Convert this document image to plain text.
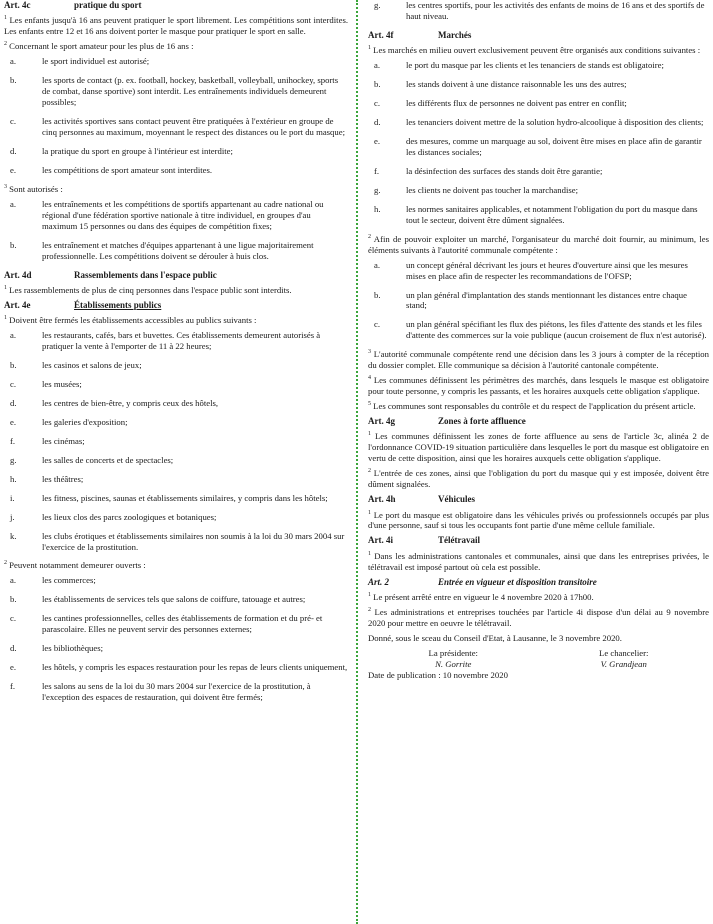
Art. 4c	pratique du sport

$^1$ Les enfants jusqu'à 16 ans peuvent pratiquer le sport librement. Les compétitions sont interdites. Les enfants entre 12 et 16 ans doivent porter le masque pour pratiquer le sport en salle.

$^2$ Concernant le sport amateur pour les plus de 16 ans :

a.	le sport individuel est autorisé;
b.	les sports de contact (p. ex. football, hockey, basketball, volleyball, unihockey, sports de combat, danse sportive) sont interdit. Les entraînements individuels demeurent possibles;
c.	les activités sportives sans contact peuvent être pratiquées à l'extérieur en groupe de cinq personnes au maximum, moyennant le respect des distances ou le port du masque;
d.	la pratique du sport en groupe à l'intérieur est interdite;
e.	les compétitions de sport amateur sont interdites.

$^3$ Sont autorisés :

a.	les entraînements et les compétitions de sportifs appartenant au cadre national ou régional d'une fédération sportive nationale à titre individuel, en groupes d'au maximum 15 personnes ou dans des équipes de compétition fixes;
b.	les entraînement et matches d'équipes appartenant à une ligue majoritairement professionnelle. Les compétitions doivent se dérouler à huis clos.
Art. 4d	Rassemblements dans l'espace public

$^1$ Les rassemblements de plus de cinq personnes dans l'espace public sont interdits.

Art. 4e	Établissements publics

$^1$ Doivent être fermés les établissements accessibles au publics suivants :

a.	les restaurants, cafés, bars et buvettes. Ces établissements demeurent autorisés à pratiquer la vente à l'emporter de 11 à 22 heures;
b.	les casinos et salons de jeux;
c.	les musées;
d.	les centres de bien-être, y compris ceux des hôtels,
e.	les galeries d'exposition;
f.	les cinémas;
g.	les salles de concerts et de spectacles;
h.	les théâtres;
i.	les fitness, piscines, saunas et établissements similaires, y compris dans les hôtels;
j.	les lieux clos des parcs zoologiques et botaniques;
k.	les clubs érotiques et établissements similaires non soumis à la loi du 30 mars 2004 sur l'exercice de la prostitution.

$^2$ Peuvent notamment demeurer ouverts :

a.	les commerces;
b.	les établissements de services tels que salons de coiffure, tatouage et autres;
c.	les cantines professionnelles, celles des établissements de formation et du pré- et parascolaire. Elles ne peuvent servir des personnes externes;
d.	les bibliothèques;
e.	les hôtels, y compris les espaces restauration pour les repas de leurs clients uniquement,
f.	les salons au sens de la loi du 30 mars 2004 sur l'exercice de la prostitution, à l'exception des espaces de restauration, qui doivent être fermés;
g.	les centres sportifs, pour les activités des enfants de moins de 16 ans et des sportifs de haut niveau.
Art. 4f	Marchés

$^1$ Les marchés en milieu ouvert exclusivement peuvent être organisés aux conditions suivantes :

a.	le port du masque par les clients et les tenanciers de stands est obligatoire;
b.	les stands doivent à une distance raisonnable les uns des autres;
c.	les différents flux de personnes ne doivent pas entrer en conflit;
d.	les tenanciers doivent mettre de la solution hydro-alcoolique à disposition des clients;
e.	des mesures, comme un marquage au sol, doivent être mises en place afin de garantir les distances sociales;
f.	la désinfection des surfaces des stands doit être garantie;
g.	les clients ne doivent pas toucher la marchandise;
h.	les normes sanitaires applicables, et notamment l'obligation du port du masque dans tout le secteur, doivent être dûment signalées.

$^2$ Afin de pouvoir exploiter un marché, l'organisateur du marché doit fournir, au minimum, les éléments suivants à l'autorité communale compétente :

a.	un concept général décrivant les jours et heures d'ouverture ainsi que les mesures mises en place afin de respecter les recommandations de l'OFSP;
b.	un plan général d'implantation des stands mentionnant les distances entre chaque stand;
c.	un plan général spécifiant les flux des piétons, les files d'attente des stands et les files d'attente des commerces sur la voie publique (aucun croisement de flux n'est autorisé).

$^3$ L'autorité communale compétente rend une décision dans les 3 jours à compter de la réception du dossier complet. Elle communique sa décision à l'autorité cantonale compétente.

$^4$ Les communes définissent les périmètres des marchés, dans lesquels le masque est obligatoire pour toute personne, y compris les passants, et les horaires auxquels cette obligation s'applique.

$^5$ Les communes sont responsables du contrôle et du respect de l'application du présent article.

Art. 4g	Zones à forte affluence

$^1$ Les communes définissent les zones de forte affluence au sens de l'article 3c, alinéa 2 de l'ordonnance COVID-19 situation particulière dans lesquelles le port du masque est obligatoire en vertu de cette disposition, ainsi que les horaires auxquels cette obligation s'applique.

$^2$ L'entrée de ces zones, ainsi que l'obligation du port du masque qui y est imposée, doivent être dûment signalées.

Art. 4h	Véhicules

$^1$ Le port du masque est obligatoire dans les véhicules privés ou professionnels occupés par plus d'une personne, sauf si tous les occupants font partie d'une même cellule familiale.

Art. 4i	Télétravail

$^1$ Dans les administrations cantonales et communales, ainsi que dans les entreprises privées, le télétravail est imposé partout où cela est possible.

Art. 2	Entrée en vigueur et disposition transitoire

$^1$ Le présent arrêté entre en vigueur le 4 novembre 2020 à 17h00.

$^2$ Les administrations et entreprises touchées par l'article 4i dispose d'un délai au 9 novembre 2020 pour mettre en oeuvre le télétravail.

Donné, sous le sceau du Conseil d'Etat, à Lausanne, le 3 novembre 2020.

La présidente:	Le chancelier:
N. Gorrite	V. Grandjean

Date de publication : 10 novembre 2020
